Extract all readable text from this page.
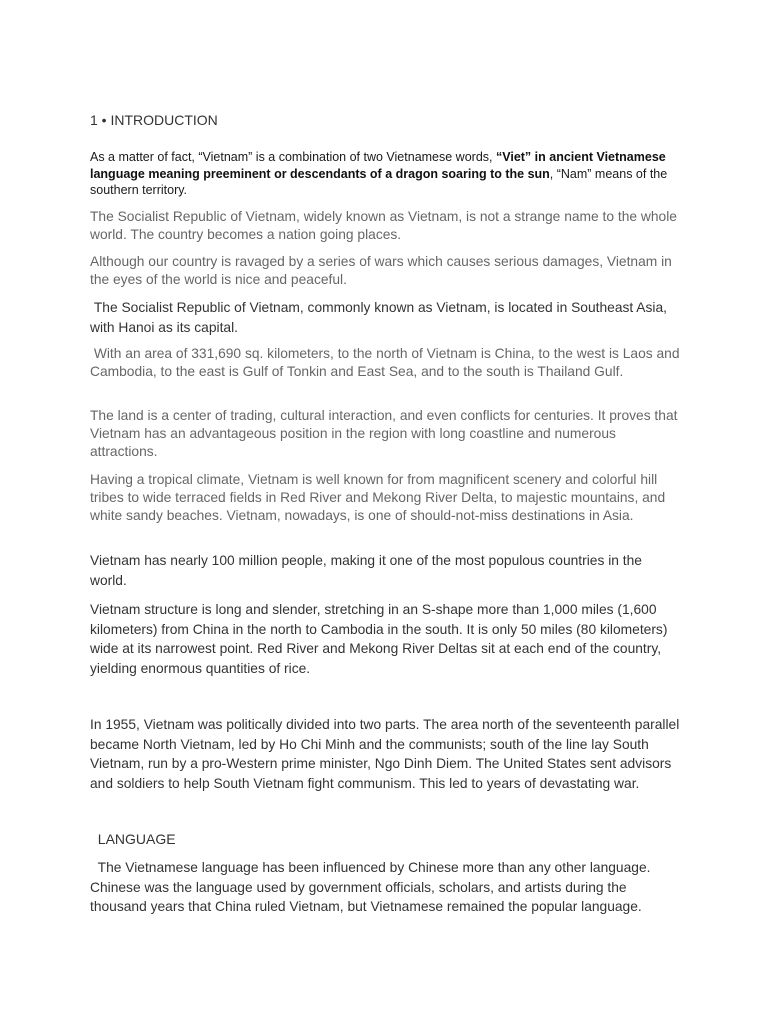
1 • INTRODUCTION

As a matter of fact, “Vietnam” is a combination of two Vietnamese words, “Viet” in ancient Vietnamese language meaning preeminent or descendants of a dragon soaring to the sun, “Nam” means of the southern territory.

The Socialist Republic of Vietnam, widely known as Vietnam, is not a strange name to the whole world. The country becomes a nation going places.

Although our country is ravaged by a series of wars which causes serious damages, Vietnam in the eyes of the world is nice and peaceful.

The Socialist Republic of Vietnam, commonly known as Vietnam, is located in Southeast Asia, with Hanoi as its capital.

With an area of 331,690 sq. kilometers, to the north of Vietnam is China, to the west is Laos and Cambodia, to the east is Gulf of Tonkin and East Sea, and to the south is Thailand Gulf.

The land is a center of trading, cultural interaction, and even conflicts for centuries. It proves that Vietnam has an advantageous position in the region with long coastline and numerous attractions.

Having a tropical climate, Vietnam is well known for from magnificent scenery and colorful hill tribes to wide terraced fields in Red River and Mekong River Delta, to majestic mountains, and white sandy beaches. Vietnam, nowadays, is one of should-not-miss destinations in Asia.

Vietnam has nearly 100 million people, making it one of the most populous countries in the world.

Vietnam structure is long and slender, stretching in an S-shape more than 1,000 miles (1,600 kilometers) from China in the north to Cambodia in the south. It is only 50 miles (80 kilometers) wide at its narrowest point. Red River and Mekong River Deltas sit at each end of the country, yielding enormous quantities of rice.

In 1955, Vietnam was politically divided into two parts. The area north of the seventeenth parallel became North Vietnam, led by Ho Chi Minh and the communists; south of the line lay South Vietnam, run by a pro-Western prime minister, Ngo Dinh Diem. The United States sent advisors and soldiers to help South Vietnam fight communism. This led to years of devastating war.

LANGUAGE

The Vietnamese language has been influenced by Chinese more than any other language. Chinese was the language used by government officials, scholars, and artists during the thousand years that China ruled Vietnam, but Vietnamese remained the popular language.
